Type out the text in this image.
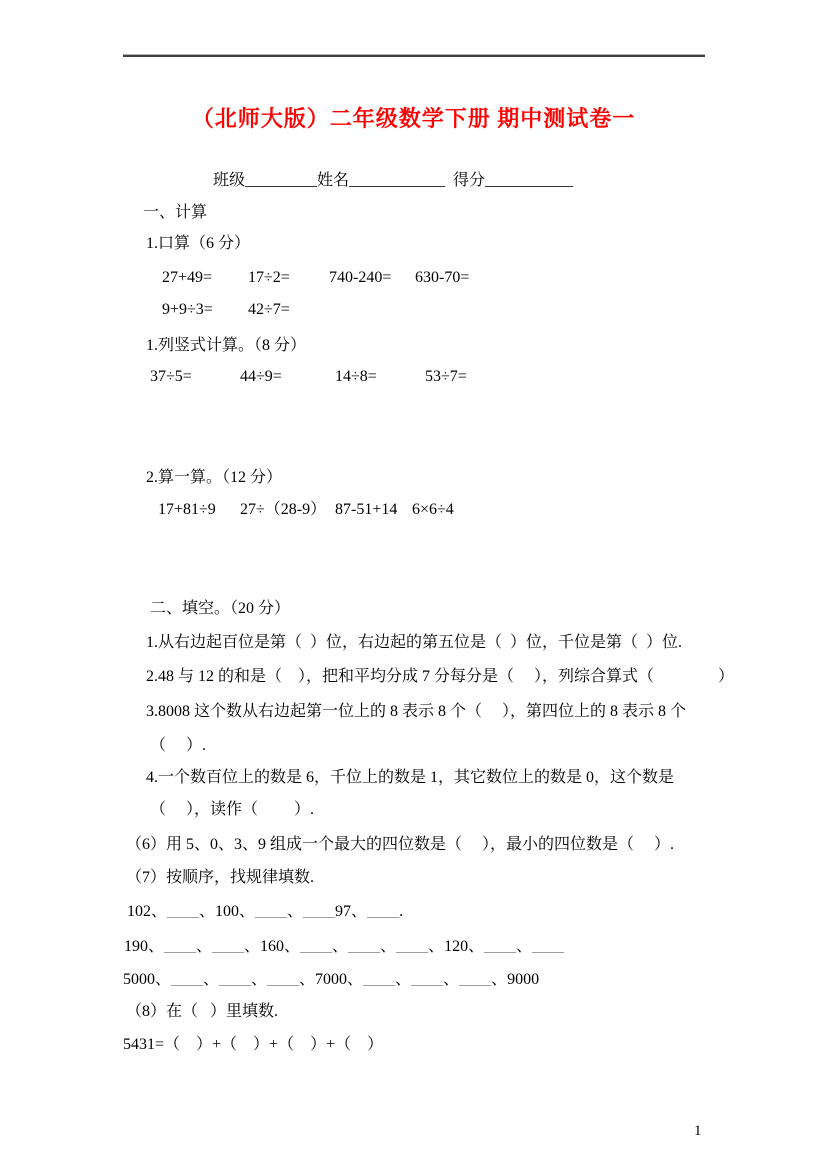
（北师大版）二年级数学下册 期中测试卷一
班级_________姓名____________ 得分___________
一、计算
1.口算（6 分）
27+49= 17÷2= 740-240= 630-70=
9+9÷3= 42÷7=
1.列竖式计算。（8 分）
37÷5=	44÷9=	14÷8=	53÷7=
2.算一算。（12 分）
17+81÷9 27÷（28-9） 87-51+14 6×6÷4
二、填空。（20 分）
1.从右边起百位是第（  ）位，右边起的第五位是（  ）位，千位是第（  ）位.
2.48 与 12 的和是（    ），把和平均分成 7 分每分是（     ），列综合算式（                ）
3.8008 这个数从右边起第一位上的 8 表示 8 个（     ），第四位上的 8 表示 8 个
（     ）.
4.一个数百位上的数是 6，千位上的数是 1，其它数位上的数是 0，这个数是
（     ），读作（         ）.
（6）用 5、0、3、9 组成一个最大的四位数是（     ），最小的四位数是（     ）.
（7）按顺序，找规律填数.
102、____、100、____、____97、____.
190、____、____、160、____、____、____、120、____、____
5000、____、____、____、7000、____、____、____、9000
（8）在（   ）里填数.
5431=（    ）+（    ）+（    ）+（    ）
1
